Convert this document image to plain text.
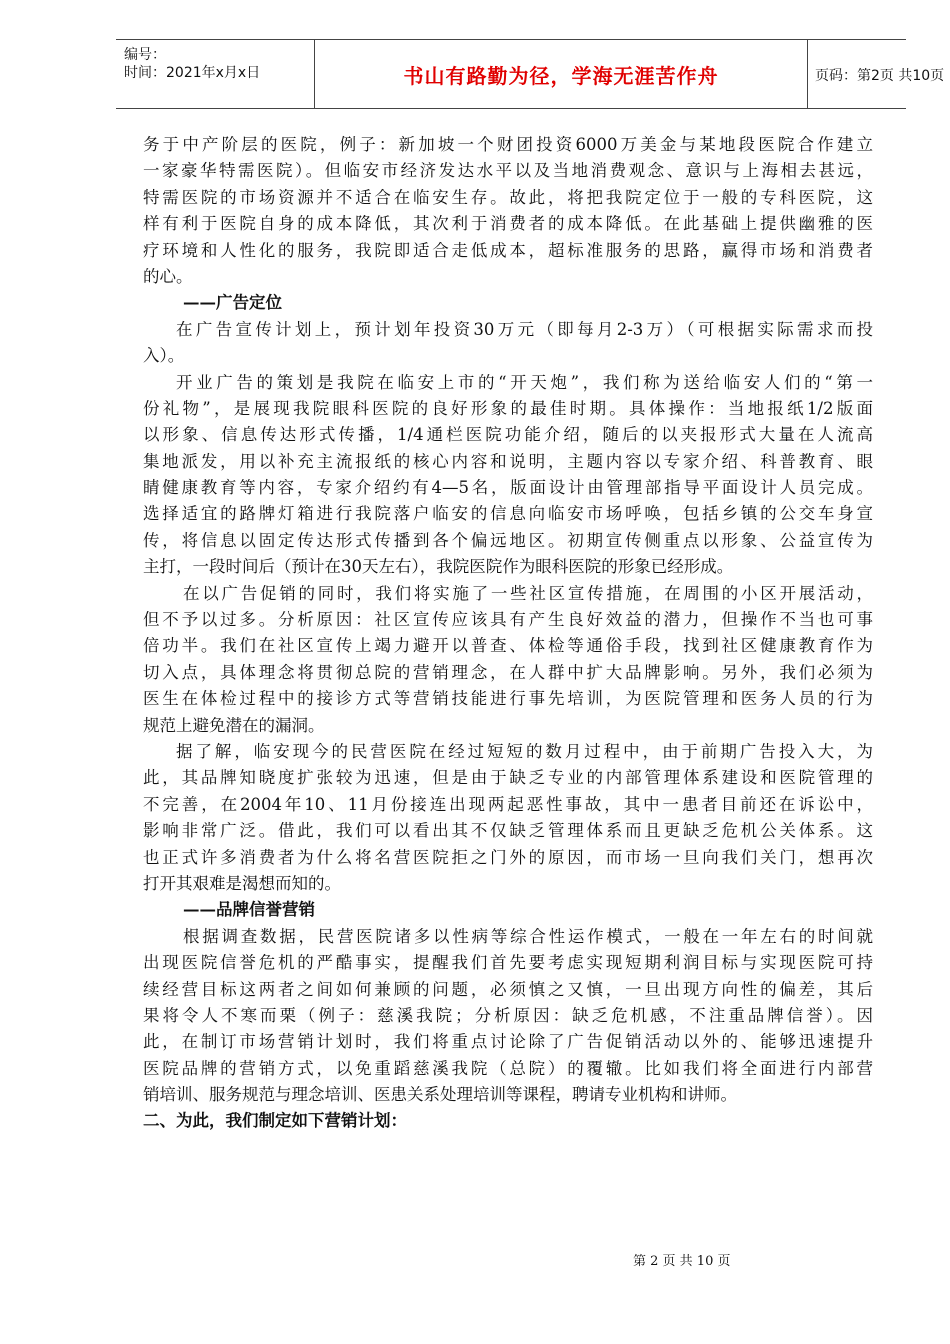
编号：
时间：2021年x月x日	书山有路勤为径，学海无涯苦作舟	页码：第2页 共10页
务于中产阶层的医院，例子：新加坡一个财团投资6000万美金与某地段医院合作建立
一家豪华特需医院）。但临安市经济发达水平以及当地消费观念、意识与上海相去甚远，
特需医院的市场资源并不适合在临安生存。故此，将把我院定位于一般的专科医院，这
样有利于医院自身的成本降低，其次利于消费者的成本降低。在此基础上提供幽雅的医
疗环境和人性化的服务，我院即适合走低成本，超标准服务的思路，赢得市场和消费者
的心。
——广告定位
在广告宣传计划上，预计划年投资30万元（即每月2-3万）（可根据实际需求而投
入）。
开业广告的策划是我院在临安上市的“开天炮”，我们称为送给临安人们的“第一
份礼物”，是展现我院眼科医院的良好形象的最佳时期。具体操作：当地报纸1/2版面
以形象、信息传达形式传播，1/4通栏医院功能介绍，随后的以夹报形式大量在人流高
集地派发，用以补充主流报纸的核心内容和说明，主题内容以专家介绍、科普教育、眼
睛健康教育等内容，专家介绍约有4—5名，版面设计由管理部指导平面设计人员完成。
选择适宜的路牌灯箱进行我院落户临安的信息向临安市场呼唤，包括乡镇的公交车身宣
传，将信息以固定传达形式传播到各个偏远地区。初期宣传侧重点以形象、公益宣传为
主打，一段时间后（预计在30天左右），我院医院作为眼科医院的形象已经形成。
在以广告促销的同时，我们将实施了一些社区宣传措施，在周围的小区开展活动，
但不予以过多。分析原因：社区宣传应该具有产生良好效益的潜力，但操作不当也可事
倍功半。我们在社区宣传上竭力避开以普查、体检等通俗手段，找到社区健康教育作为
切入点，具体理念将贯彻总院的营销理念，在人群中扩大品牌影响。另外，我们必须为
医生在体检过程中的接诊方式等营销技能进行事先培训，为医院管理和医务人员的行为
规范上避免潜在的漏洞。
据了解，临安现今的民营医院在经过短短的数月过程中，由于前期广告投入大，为
此，其品牌知晓度扩张较为迅速，但是由于缺乏专业的内部管理体系建设和医院管理的
不完善，在2004年10、11月份接连出现两起恶性事故，其中一患者目前还在诉讼中，
影响非常广泛。借此，我们可以看出其不仅缺乏管理体系而且更缺乏危机公关体系。这
也正式许多消费者为什么将名营医院拒之门外的原因，而市场一旦向我们关门，想再次
打开其艰难是渴想而知的。
——品牌信誉营销
根据调查数据，民营医院诸多以性病等综合性运作模式，一般在一年左右的时间就
出现医院信誉危机的严酷事实，提醒我们首先要考虑实现短期利润目标与实现医院可持
续经营目标这两者之间如何兼顾的问题，必须慎之又慎，一旦出现方向性的偏差，其后
果将令人不寒而栗（例子：慈溪我院；分析原因：缺乏危机感，不注重品牌信誉）。因
此，在制订市场营销计划时，我们将重点讨论除了广告促销活动以外的、能够迅速提升
医院品牌的营销方式，以免重蹈慈溪我院（总院）的覆辙。比如我们将全面进行内部营
销培训、服务规范与理念培训、医患关系处理培训等课程，聘请专业机构和讲师。
二、为此，我们制定如下营销计划：
第 2 页 共 10 页
